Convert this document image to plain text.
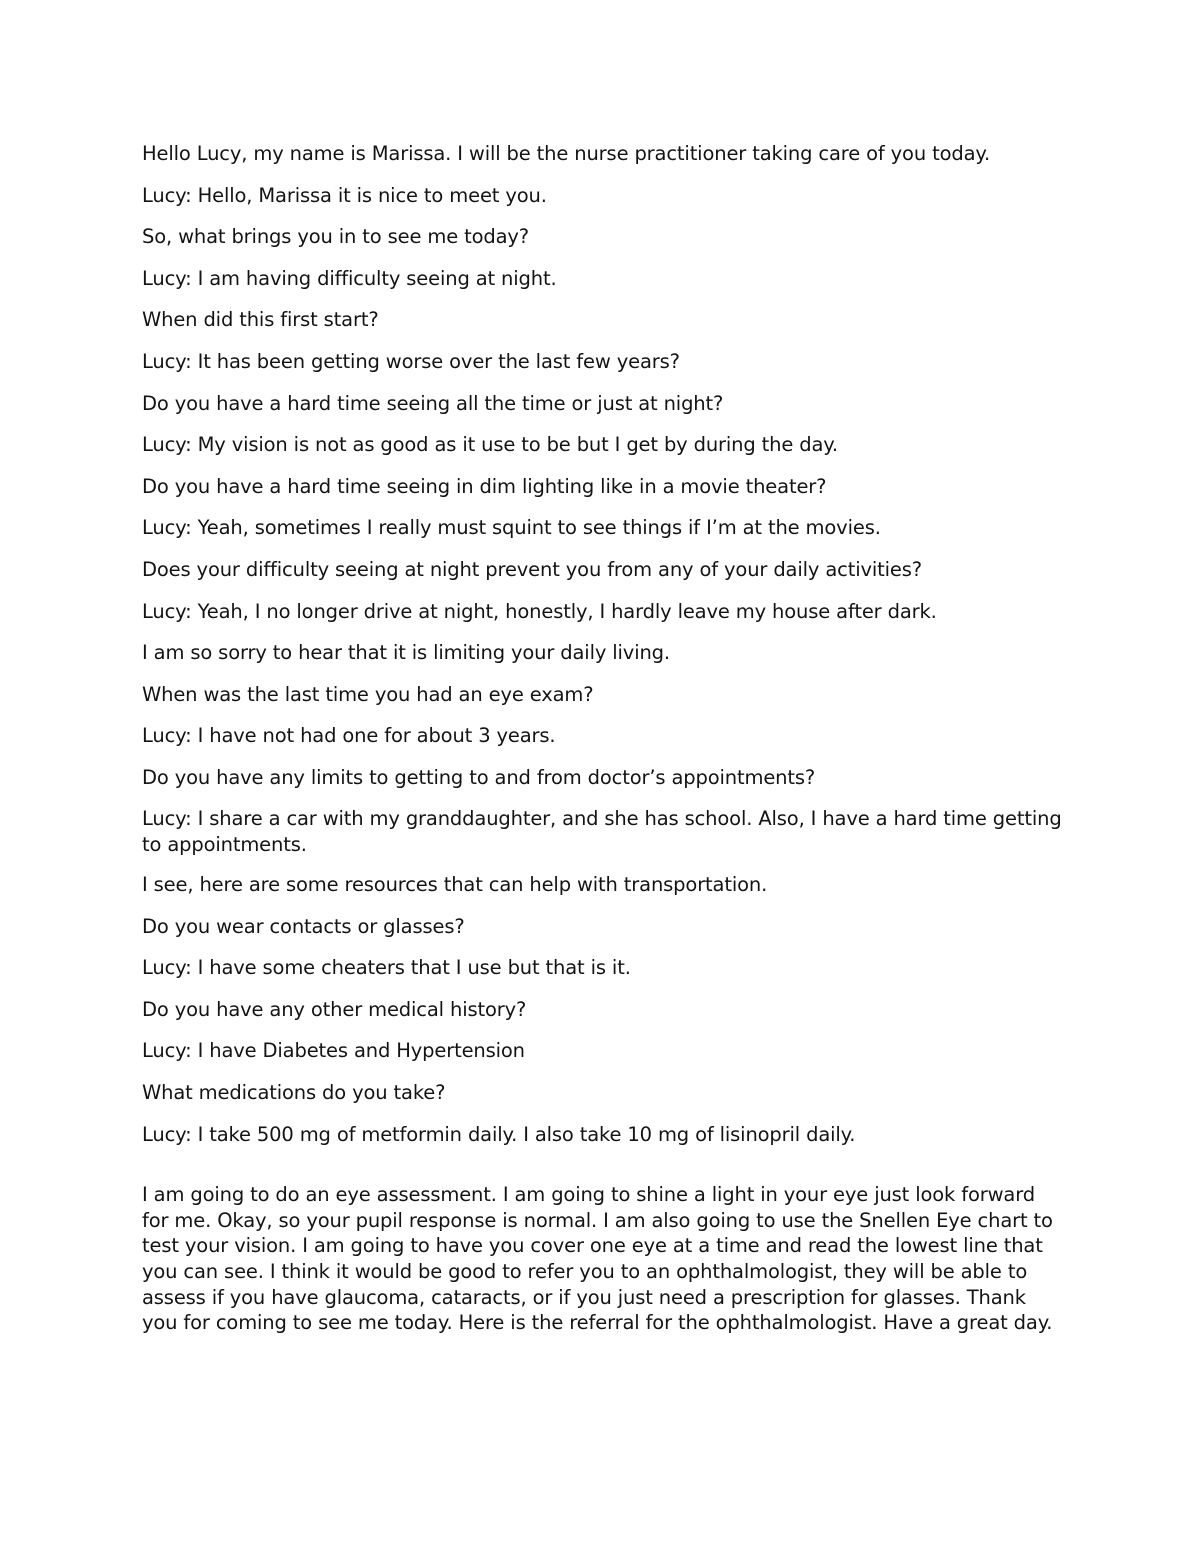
Hello Lucy, my name is Marissa. I will be the nurse practitioner taking care of you today.

Lucy: Hello, Marissa it is nice to meet you.

So, what brings you in to see me today?

Lucy: I am having difficulty seeing at night.

When did this first start?

Lucy: It has been getting worse over the last few years?

Do you have a hard time seeing all the time or just at night?

Lucy: My vision is not as good as it use to be but I get by during the day.

Do you have a hard time seeing in dim lighting like in a movie theater?

Lucy: Yeah, sometimes I really must squint to see things if I’m at the movies.

Does your difficulty seeing at night prevent you from any of your daily activities?

Lucy: Yeah, I no longer drive at night, honestly, I hardly leave my house after dark.

I am so sorry to hear that it is limiting your daily living.

When was the last time you had an eye exam?

Lucy: I have not had one for about 3 years.

Do you have any limits to getting to and from doctor’s appointments?

Lucy: I share a car with my granddaughter, and she has school. Also, I have a hard time getting to appointments.

I see, here are some resources that can help with transportation.

Do you wear contacts or glasses?

Lucy: I have some cheaters that I use but that is it.

Do you have any other medical history?

Lucy: I have Diabetes and Hypertension

What medications do you take?

Lucy: I take 500 mg of metformin daily. I also take 10 mg of lisinopril daily.

I am going to do an eye assessment. I am going to shine a light in your eye just look forward for me. Okay, so your pupil response is normal. I am also going to use the Snellen Eye chart to test your vision. I am going to have you cover one eye at a time and read the lowest line that you can see. I think it would be good to refer you to an ophthalmologist, they will be able to assess if you have glaucoma, cataracts, or if you just need a prescription for glasses. Thank you for coming to see me today. Here is the referral for the ophthalmologist. Have a great day.
